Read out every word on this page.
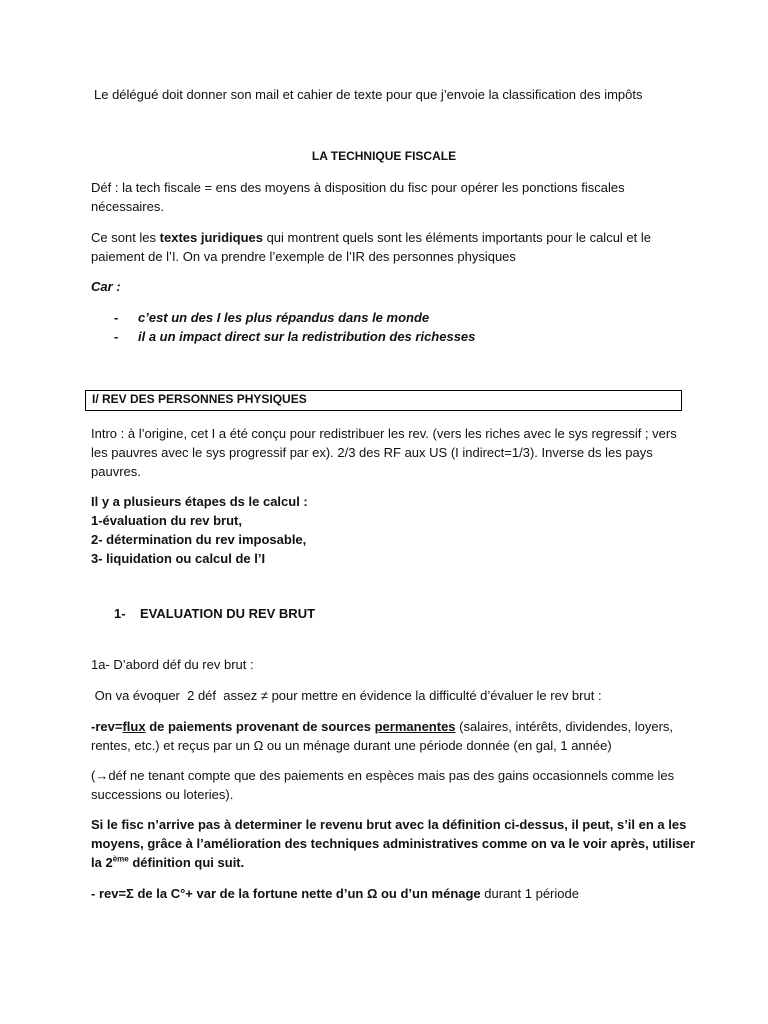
Le délégué doit donner son mail et cahier de texte pour que j’envoie la classification des impôts
LA TECHNIQUE FISCALE
Déf : la tech fiscale = ens des moyens à disposition du fisc pour opérer les ponctions fiscales
nécessaires.
Ce sont les textes juridiques qui montrent quels sont les éléments importants pour le calcul et le
paiement de l’I. On va prendre l’exemple de l’IR des personnes physiques
Car :
- c’est un des I les plus répandus dans le monde
- il a un impact direct sur la redistribution des richesses
I/ REV DES PERSONNES PHYSIQUES
Intro : à l’origine, cet I a été conçu pour redistribuer les rev. (vers les riches avec le sys regressif ; vers
les pauvres avec le sys progressif par ex). 2/3 des RF aux US (I indirect=1/3). Inverse ds les pays
pauvres.
Il y a plusieurs étapes ds le calcul :
1-évaluation du rev brut,
2- détermination du rev imposable,
3- liquidation ou calcul de l’I
1-    EVALUATION DU REV BRUT
1a- D’abord déf du rev brut :
On va évoquer  2 déf  assez ≠ pour mettre en évidence la difficulté d’évaluer le rev brut :
-rev=flux de paiements provenant de sources permanentes (salaires, intérêts, dividendes, loyers,
rentes, etc.) et reçus par un Ω ou un ménage durant une période donnée (en gal, 1 année)
(→déf ne tenant compte que des paiements en espèces mais pas des gains occasionnels comme les
successions ou loteries).
Si le fisc n’arrive pas à determiner le revenu brut avec la définition ci-dessus, il peut, s’il en a les
moyens, grâce à l’amélioration des techniques administratives comme on va le voir après, utiliser
la 2ème définition qui suit.
- rev=Σ de la C°+ var de la fortune nette d’un Ω ou d’un ménage durant 1 période
